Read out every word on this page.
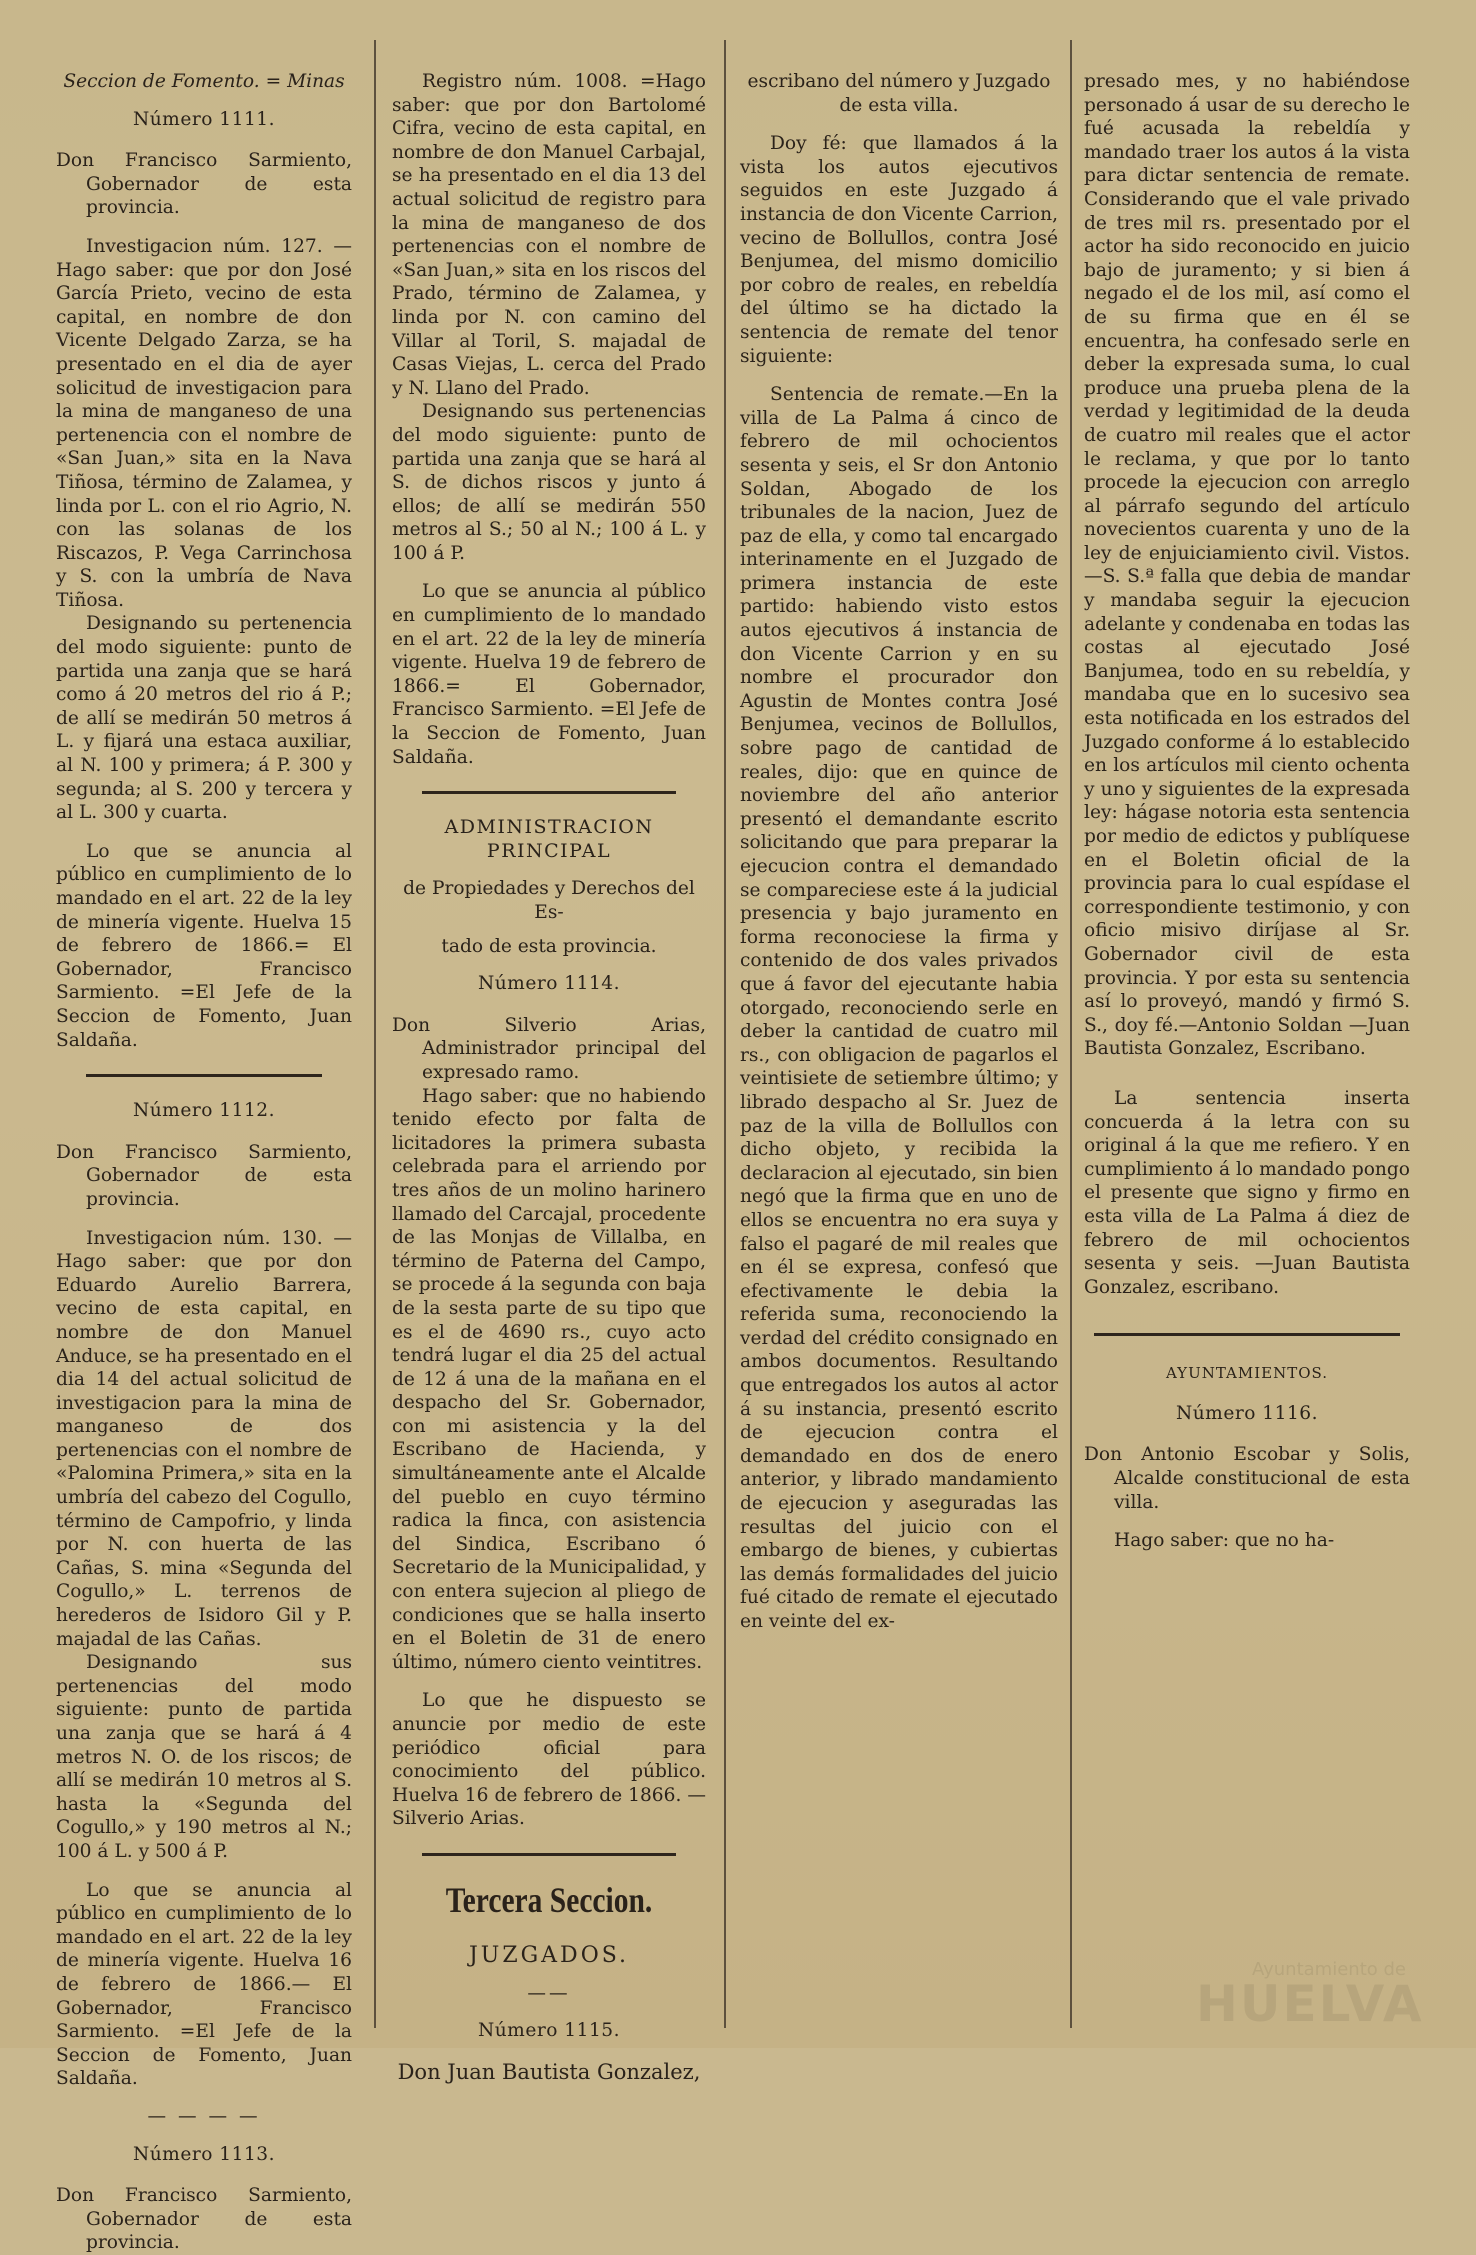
Seccion de Fomento. = Minas

Número 1111.

Don Francisco Sarmiento, Gobernador de esta provincia.

Investigacion núm. 127. —Hago saber: que por don José García Prieto, vecino de esta capital, en nombre de don Vicente Delgado Zarza, se ha presentado en el dia de ayer solicitud de investigacion para la mina de manganeso de una pertenencia con el nombre de «San Juan,» sita en la Nava Tiñosa, término de Zalamea, y linda por L. con el rio Agrio, N. con las solanas de los Riscazos, P. Vega Carrinchosa y S. con la umbría de Nava Tiñosa.

Designando su pertenencia del modo siguiente: punto de partida una zanja que se hará como á 20 metros del rio á P.; de allí se medirán 50 metros á L. y fijará una estaca auxiliar, al N. 100 y primera; á P. 300 y segunda; al S. 200 y tercera y al L. 300 y cuarta.

Lo que se anuncia al público en cumplimiento de lo mandado en el art. 22 de la ley de minería vigente. Huelva 15 de febrero de 1866.= El Gobernador, Francisco Sarmiento. =El Jefe de la Seccion de Fomento, Juan Saldaña.

Número 1112.

Don Francisco Sarmiento, Gobernador de esta provincia.

Investigacion núm. 130. —Hago saber: que por don Eduardo Aurelio Barrera, vecino de esta capital, en nombre de don Manuel Anduce, se ha presentado en el dia 14 del actual solicitud de investigacion para la mina de manganeso de dos pertenencias con el nombre de «Palomina Primera,» sita en la umbría del cabezo del Cogullo, término de Campofrio, y linda por N. con huerta de las Cañas, S. mina «Segunda del Cogullo,» L. terrenos de herederos de Isidoro Gil y P. majadal de las Cañas.

Designando sus pertenencias del modo siguiente: punto de partida una zanja que se hará á 4 metros N. O. de los riscos; de allí se medirán 10 metros al S. hasta la «Segunda del Cogullo,» y 190 metros al N.; 100 á L. y 500 á P.

Lo que se anuncia al público en cumplimiento de lo mandado en el art. 22 de la ley de minería vigente. Huelva 16 de febrero de 1866.— El Gobernador, Francisco Sarmiento. =El Jefe de la Seccion de Fomento, Juan Saldaña.

— — — —

Número 1113.

Don Francisco Sarmiento, Gobernador de esta provincia.

Registro núm. 1008. =Hago saber: que por don Bartolomé Cifra, vecino de esta capital, en nombre de don Manuel Carbajal, se ha presentado en el dia 13 del actual solicitud de registro para la mina de manganeso de dos pertenencias con el nombre de «San Juan,» sita en los riscos del Prado, término de Zalamea, y linda por N. con camino del Villar al Toril, S. majadal de Casas Viejas, L. cerca del Prado y N. Llano del Prado.

Designando sus pertenencias del modo siguiente: punto de partida una zanja que se hará al S. de dichos riscos y junto á ellos; de allí se medirán 550 metros al S.; 50 al N.; 100 á L. y 100 á P.

Lo que se anuncia al público en cumplimiento de lo mandado en el art. 22 de la ley de minería vigente. Huelva 19 de febrero de 1866.= El Gobernador, Francisco Sarmiento. =El Jefe de la Seccion de Fomento, Juan Saldaña.

ADMINISTRACION PRINCIPAL

de Propiedades y Derechos del Es-

tado de esta provincia.

Número 1114.

Don Silverio Arias, Administrador principal del expresado ramo.

Hago saber: que no habiendo tenido efecto por falta de licitadores la primera subasta celebrada para el arriendo por tres años de un molino harinero llamado del Carcajal, procedente de las Monjas de Villalba, en término de Paterna del Campo, se procede á la segunda con baja de la sesta parte de su tipo que es el de 4690 rs., cuyo acto tendrá lugar el dia 25 del actual de 12 á una de la mañana en el despacho del Sr. Gobernador, con mi asistencia y la del Escribano de Hacienda, y simultáneamente ante el Alcalde del pueblo en cuyo término radica la finca, con asistencia del Sindica, Escribano ó Secretario de la Municipalidad, y con entera sujecion al pliego de condiciones que se halla inserto en el Boletin de 31 de enero último, número ciento veintitres.

Lo que he dispuesto se anuncie por medio de este periódico oficial para conocimiento del público. Huelva 16 de febrero de 1866. —Silverio Arias.

Tercera Seccion.

JUZGADOS.

——

Número 1115.

Don Juan Bautista Gonzalez,

escribano del número y Juzgado de esta villa.

Doy fé: que llamados á la vista los autos ejecutivos seguidos en este Juzgado á instancia de don Vicente Carrion, vecino de Bollullos, contra José Benjumea, del mismo domicilio por cobro de reales, en rebeldía del último se ha dictado la sentencia de remate del tenor siguiente:

Sentencia de remate.—En la villa de La Palma á cinco de febrero de mil ochocientos sesenta y seis, el Sr don Antonio Soldan, Abogado de los tribunales de la nacion, Juez de paz de ella, y como tal encargado interinamente en el Juzgado de primera instancia de este partido: habiendo visto estos autos ejecutivos á instancia de don Vicente Carrion y en su nombre el procurador don Agustin de Montes contra José Benjumea, vecinos de Bollullos, sobre pago de cantidad de reales, dijo: que en quince de noviembre del año anterior presentó el demandante escrito solicitando que para preparar la ejecucion contra el demandado se compareciese este á la judicial presencia y bajo juramento en forma reconociese la firma y contenido de dos vales privados que á favor del ejecutante habia otorgado, reconociendo serle en deber la cantidad de cuatro mil rs., con obligacion de pagarlos el veintisiete de setiembre último; y librado despacho al Sr. Juez de paz de la villa de Bollullos con dicho objeto, y recibida la declaracion al ejecutado, sin bien negó que la firma que en uno de ellos se encuentra no era suya y falso el pagaré de mil reales que en él se expresa, confesó que efectivamente le debia la referida suma, reconociendo la verdad del crédito consignado en ambos documentos. Resultando que entregados los autos al actor á su instancia, presentó escrito de ejecucion contra el demandado en dos de enero anterior, y librado mandamiento de ejecucion y aseguradas las resultas del juicio con el embargo de bienes, y cubiertas las demás formalidades del juicio fué citado de remate el ejecutado en veinte del ex-

presado mes, y no habiéndose personado á usar de su derecho le fué acusada la rebeldía y mandado traer los autos á la vista para dictar sentencia de remate. Considerando que el vale privado de tres mil rs. presentado por el actor ha sido reconocido en juicio bajo de juramento; y si bien á negado el de los mil, así como el de su firma que en él se encuentra, ha confesado serle en deber la expresada suma, lo cual produce una prueba plena de la verdad y legitimidad de la deuda de cuatro mil reales que el actor le reclama, y que por lo tanto procede la ejecucion con arreglo al párrafo segundo del artículo novecientos cuarenta y uno de la ley de enjuiciamiento civil. Vistos.—S. S.ª falla que debia de mandar y mandaba seguir la ejecucion adelante y condenaba en todas las costas al ejecutado José Banjumea, todo en su rebeldía, y mandaba que en lo sucesivo sea esta notificada en los estrados del Juzgado conforme á lo establecido en los artículos mil ciento ochenta y uno y siguientes de la expresada ley: hágase notoria esta sentencia por medio de edictos y publíquese en el Boletin oficial de la provincia para lo cual espídase el correspondiente testimonio, y con oficio misivo diríjase al Sr. Gobernador civil de esta provincia. Y por esta su sentencia así lo proveyó, mandó y firmó S. S., doy fé.—Antonio Soldan —Juan Bautista Gonzalez, Escribano.

La sentencia inserta concuerda á la letra con su original á la que me refiero. Y en cumplimiento á lo mandado pongo el presente que signo y firmo en esta villa de La Palma á diez de febrero de mil ochocientos sesenta y seis. —Juan Bautista Gonzalez, escribano.

AYUNTAMIENTOS.

Número 1116.

Don Antonio Escobar y Solis, Alcalde constitucional de esta villa.

Hago saber: que no ha-

Ayuntamiento de
HUELVA
